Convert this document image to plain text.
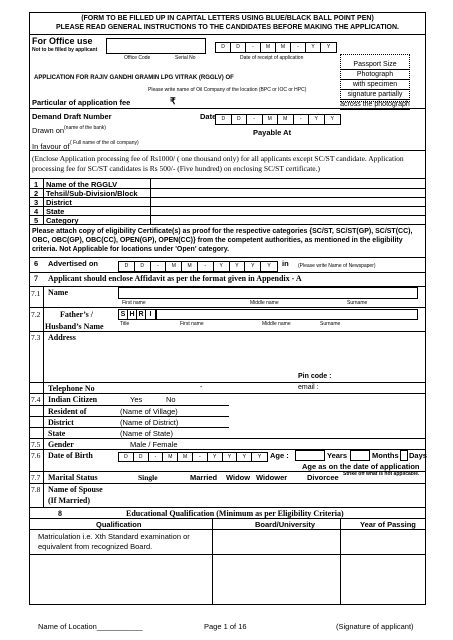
(FORM TO BE FILLED UP IN CAPITAL LETTERS USING BLUE/BLACK BALL POINT PEN)
PLEASE READ GENERAL INSTRUCTIONS TO THE CANDIDATES BEFORE MAKING THE APPLICATION.
For Office use
Not to be filled by applicant
Office Code	Serial No
D	D	-	M	M	-	Y	Y
Date of receipt of application
Passport Size
Photograph
with specimen
signature partially
across the photograph
APPLICATION FOR RAJIV GANDHI GRAMIN LPG VITRAK (RGGLV) OF
Please write name of Oil Company of the location (BPC or IOC or HPC)
Particular of application fee	₹
Demand Draft Number	Date	D	D	-	M	M	-	Y	Y
Drawn on (name of the bank)	Payable At
In favour of ( Full name of the oil company)
(Enclose Application processing fee of Rs1000/ ( one thousand only) for all applicants except SC/ST candidate. Application processing fee for SC/ST candidates is Rs 500/- (Five hundred) on enclosing SC/ST certificate.)
1 Name of the RGGLV
2 Tehsil/Sub-Division/Block
3 District
4 State
5 Category
Please attach copy of eligibility Certificate(s) as proof for the respective categories {SC/ST, SC/ST(GP), SC/ST(CC), OBC, OBC(GP), OBC(CC), OPEN(GP), OPEN(CC)} from the competent authorities, as mentioned in the eligibility criteria. Not Applicable for locations under 'Open' category.
6 Advertised on	D	D	-	M	M	-	Y	Y	Y	Y	in (Please write Name of Newspaper)
7 Applicant should enclose Affidavit as per the format given in Appendix - A
7.1 Name
First name	Middle name	Surname
7.2 Father’s /
Husband’s Name
S H R I
Title	First name	Middle name	Surname
7.3 Address
Pin code :
Telephone No	-	email :
7.4 Indian Citizen	Yes	No
Resident of	(Name of Village)
District	(Name of District)
State	(Name of State)
7.5 Gender	Male / Female
7.6 Date of Birth	D	D	-	M	M	-	Y	Y	Y	Y	Age :	Years	Months Days
Age as on the date of application
7.7 Marital Status	Single	Married Widow Widower	Divorcee Strike off what is not applicable.
7.8 Name of Spouse
(If Married)
8	Educational Qualification (Minimum as per Eligibility Criteria)
Qualification	Board/University	Year of Passing
Matriculation i.e. Xth Standard examination or equivalent from recognized Board.
Name of Location___________	Page 1 of 16	(Signature of applicant)
